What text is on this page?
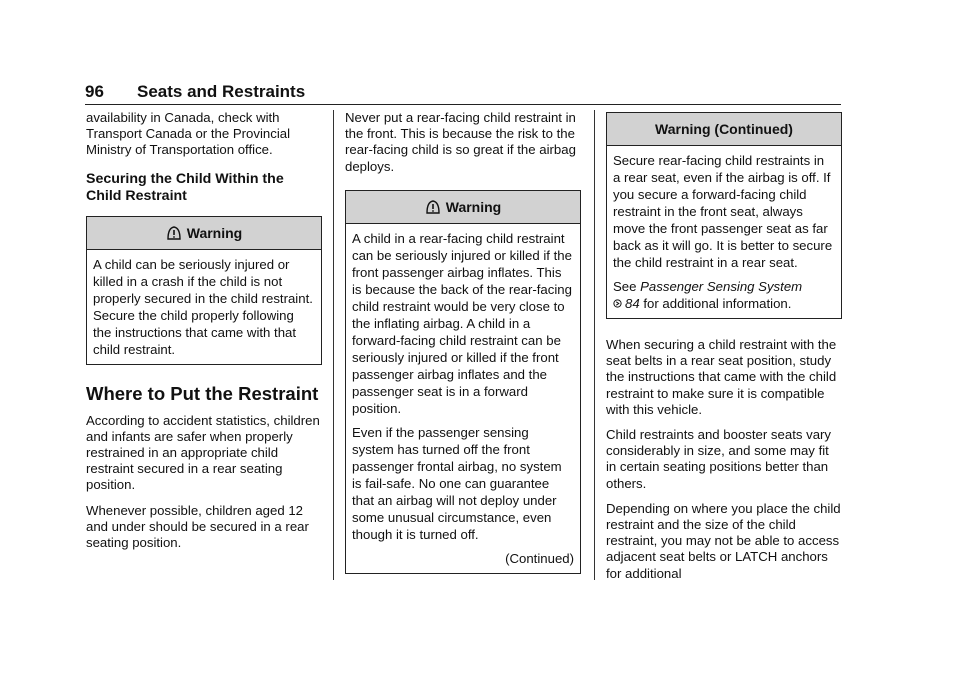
96 Seats and Restraints

availability in Canada, check with Transport Canada or the Provincial Ministry of Transportation office.

Securing the Child Within the Child Restraint
Warning

A child can be seriously injured or killed in a crash if the child is not properly secured in the child restraint. Secure the child properly following the instructions that came with that child restraint.

Where to Put the Restraint

According to accident statistics, children and infants are safer when properly restrained in an appropriate child restraint secured in a rear seating position.

Whenever possible, children aged 12 and under should be secured in a rear seating position.

Never put a rear-facing child restraint in the front. This is because the risk to the rear-facing child is so great if the airbag deploys.

Warning

A child in a rear-facing child restraint can be seriously injured or killed if the front passenger airbag inflates. This is because the back of the rear-facing child restraint would be very close to the inflating airbag. A child in a forward-facing child restraint can be seriously injured or killed if the front passenger airbag inflates and the passenger seat is in a forward position.

Even if the passenger sensing system has turned off the front passenger frontal airbag, no system is fail-safe. No one can guarantee that an airbag will not deploy under some unusual circumstance, even though it is turned off.

(Continued)
Warning (Continued)

Secure rear-facing child restraints in a rear seat, even if the airbag is off. If you secure a forward-facing child restraint in the front seat, always move the front passenger seat as far back as it will go. It is better to secure the child restraint in a rear seat.

See Passenger Sensing System
84 for additional information.

When securing a child restraint with the seat belts in a rear seat position, study the instructions that came with the child restraint to make sure it is compatible with this vehicle.

Child restraints and booster seats vary considerably in size, and some may fit in certain seating positions better than others.

Depending on where you place the child restraint and the size of the child restraint, you may not be able to access adjacent seat belts or LATCH anchors for additional
